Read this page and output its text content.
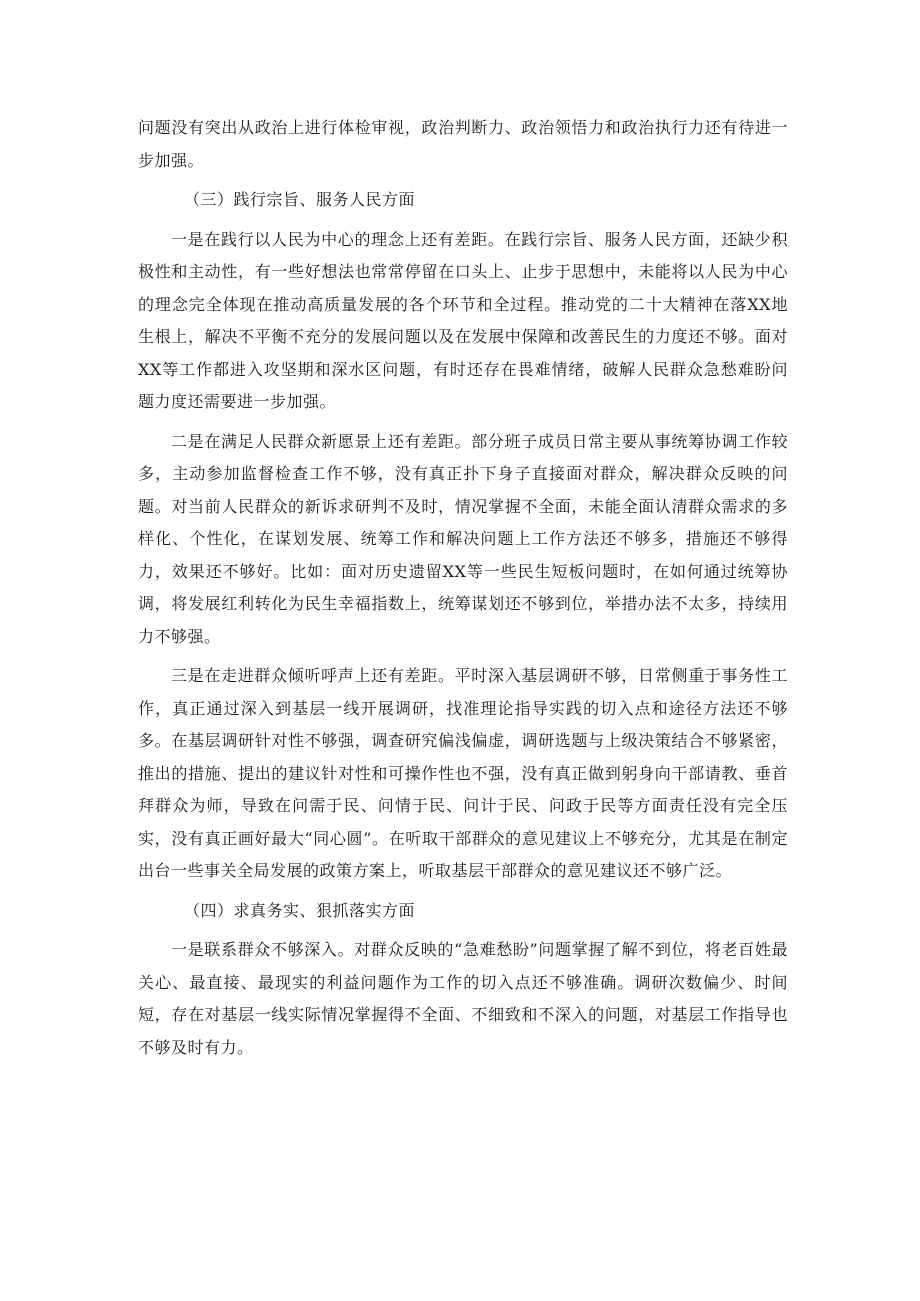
问题没有突出从政治上进行体检审视，政治判断力、政治领悟力和政治执行力还有待进一步加强。

（三）践行宗旨、服务人民方面

一是在践行以人民为中心的理念上还有差距。在践行宗旨、服务人民方面，还缺少积极性和主动性，有一些好想法也常常停留在口头上、止步于思想中，未能将以人民为中心的理念完全体现在推动高质量发展的各个环节和全过程。推动党的二十大精神在落XX地生根上，解决不平衡不充分的发展问题以及在发展中保障和改善民生的力度还不够。面对XX等工作都进入攻坚期和深水区问题，有时还存在畏难情绪，破解人民群众急愁难盼问题力度还需要进一步加强。

二是在满足人民群众新愿景上还有差距。部分班子成员日常主要从事统筹协调工作较多，主动参加监督检查工作不够，没有真正扑下身子直接面对群众，解决群众反映的问题。对当前人民群众的新诉求研判不及时，情况掌握不全面，未能全面认清群众需求的多样化、个性化，在谋划发展、统筹工作和解决问题上工作方法还不够多，措施还不够得力，效果还不够好。比如：面对历史遗留XX等一些民生短板问题时，在如何通过统筹协调，将发展红利转化为民生幸福指数上，统筹谋划还不够到位，举措办法不太多，持续用力不够强。

三是在走进群众倾听呼声上还有差距。平时深入基层调研不够，日常侧重于事务性工作，真正通过深入到基层一线开展调研，找准理论指导实践的切入点和途径方法还不够多。在基层调研针对性不够强，调查研究偏浅偏虚，调研选题与上级决策结合不够紧密，推出的措施、提出的建议针对性和可操作性也不强，没有真正做到躬身向干部请教、垂首拜群众为师，导致在问需于民、问情于民、问计于民、问政于民等方面责任没有完全压实，没有真正画好最大“同心圆”。在听取干部群众的意见建议上不够充分，尤其是在制定出台一些事关全局发展的政策方案上，听取基层干部群众的意见建议还不够广泛。

（四）求真务实、狠抓落实方面

一是联系群众不够深入。对群众反映的“急难愁盼”问题掌握了解不到位，将老百姓最关心、最直接、最现实的利益问题作为工作的切入点还不够准确。调研次数偏少、时间短，存在对基层一线实际情况掌握得不全面、不细致和不深入的问题，对基层工作指导也不够及时有力。
